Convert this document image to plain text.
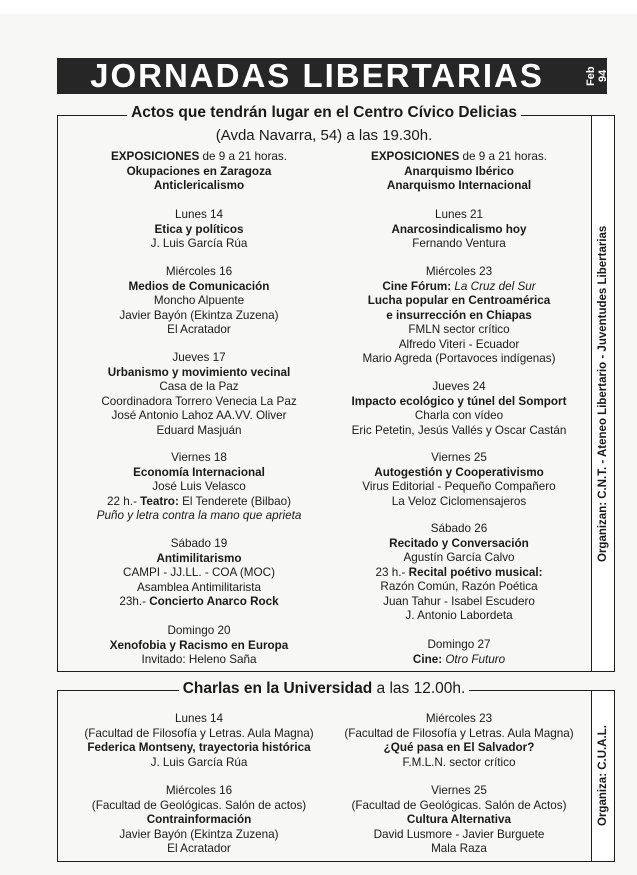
JORNADAS LIBERTARIAS	Feb 94
Organizan: C.N.T. - Ateneo Libertario - Juventudes Libertarias
Actos que tendrán lugar en el Centro Cívico Delicias
(Avda Navarra, 54) a las 19.30h.
EXPOSICIONES de 9 a 21 horas.
Okupaciones en Zaragoza
Anticlericalismo
Lunes 14
Etica y políticos
J. Luis García Rúa
Miércoles 16
Medios de Comunicación
Moncho Alpuente
Javier Bayón (Ekintza Zuzena)
El Acratador
Jueves 17
Urbanismo y movimiento vecinal
Casa de la Paz
Coordinadora Torrero Venecia La Paz
José Antonio Lahoz AA.VV. Oliver
Eduard Masjuán
Viernes 18
Economía Internacional
José Luis Velasco
22 h.- Teatro: El Tenderete (Bilbao)
Puño y letra contra la mano que aprieta
Sábado 19
Antimilitarismo
CAMPI - JJ.LL. - COA (MOC)
Asamblea Antimilitarista
23h.- Concierto Anarco Rock
Domingo 20
Xenofobia y Racismo en Europa
Invitado: Heleno Saña
EXPOSICIONES de 9 a 21 horas.
Anarquismo Ibérico
Anarquismo Internacional
Lunes 21
Anarcosindicalismo hoy
Fernando Ventura
Miércoles 23
Cine Fórum: La Cruz del Sur
Lucha popular en Centroamérica
e insurrección en Chiapas
FMLN sector crítico
Alfredo Viteri - Ecuador
Mario Agreda (Portavoces indígenas)
Jueves 24
Impacto ecológico y túnel del Somport
Charla con vídeo
Eric Petetin, Jesús Vallés y Oscar Castán
Viernes 25
Autogestión y Cooperativismo
Virus Editorial - Pequeño Compañero
La Veloz Ciclomensajeros
Sábado 26
Recitado y Conversación
Agustín García Calvo
23 h.- Recital poétivo musical:
Razón Común, Razón Poética
Juan Tahur - Isabel Escudero
J. Antonio Labordeta
Domingo 27
Cine: Otro Futuro
Organiza: C.U.A.L.
Charlas en la Universidad a las 12.00h.
Lunes 14
(Facultad de Filosofía y Letras. Aula Magna)
Federica Montseny, trayectoria histórica
J. Luis García Rúa
Miércoles 16
(Facultad de Geológicas. Salón de actos)
Contrainformación
Javier Bayón (Ekintza Zuzena)
El Acratador
Miércoles 23
(Facultad de Filosofía y Letras. Aula Magna)
¿Qué pasa en El Salvador?
F.M.L.N. sector crítico
Viernes 25
(Facultad de Geológicas. Salón de Actos)
Cultura Alternativa
David Lusmore - Javier Burguete
Mala Raza
